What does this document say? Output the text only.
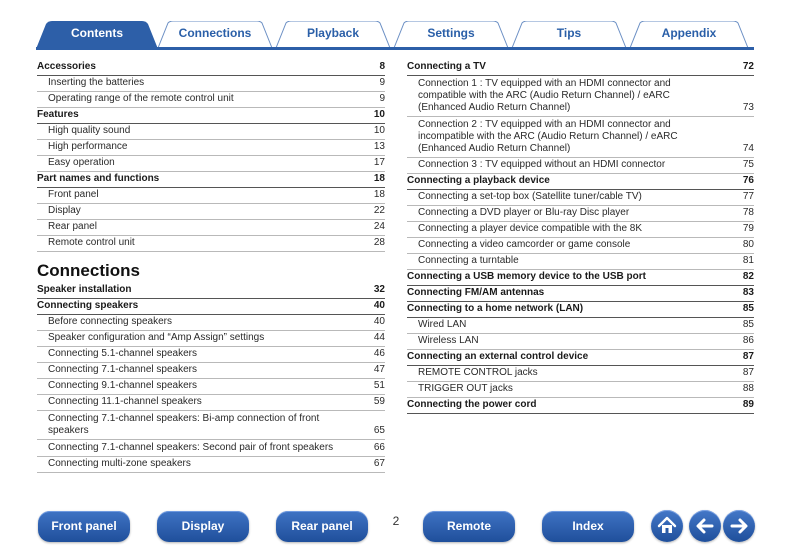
Contents	Connections	Playback	Settings	Tips	Appendix
Accessories	8
Inserting the batteries	9
Operating range of the remote control unit	9
Features	10
High quality sound	10
High performance	13
Easy operation	17
Part names and functions	18
Front panel	18
Display	22
Rear panel	24
Remote control unit	28
Connections
Speaker installation	32
Connecting speakers	40
Before connecting speakers	40
Speaker configuration and “Amp Assign” settings	44
Connecting 5.1-channel speakers	46
Connecting 7.1-channel speakers	47
Connecting 9.1-channel speakers	51
Connecting 11.1-channel speakers	59
Connecting 7.1-channel speakers: Bi-amp connection of front speakers	65
Connecting 7.1-channel speakers: Second pair of front speakers	66
Connecting multi-zone speakers	67
Connecting a TV	72
Connection 1 : TV equipped with an HDMI connector and compatible with the ARC (Audio Return Channel) / eARC (Enhanced Audio Return Channel)	73
Connection 2 : TV equipped with an HDMI connector and incompatible with the ARC (Audio Return Channel) / eARC (Enhanced Audio Return Channel)	74
Connection 3 : TV equipped without an HDMI connector	75
Connecting a playback device	76
Connecting a set-top box (Satellite tuner/cable TV)	77
Connecting a DVD player or Blu-ray Disc player	78
Connecting a player device compatible with the 8K	79
Connecting a video camcorder or game console	80
Connecting a turntable	81
Connecting a USB memory device to the USB port	82
Connecting FM/AM antennas	83
Connecting to a home network (LAN)	85
Wired LAN	85
Wireless LAN	86
Connecting an external control device	87
REMOTE CONTROL jacks	87
TRIGGER OUT jacks	88
Connecting the power cord	89
Front panel	Display	Rear panel	2	Remote	Index
